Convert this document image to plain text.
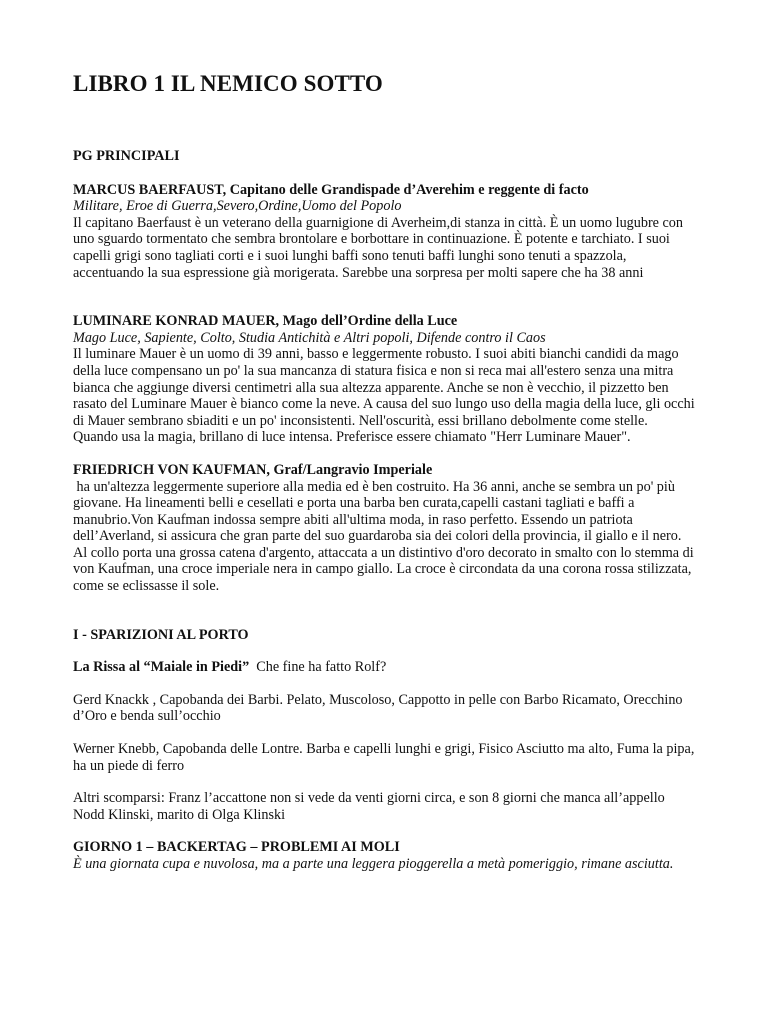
LIBRO 1 IL NEMICO SOTTO

PG PRINCIPALI

MARCUS BAERFAUST, Capitano delle Grandispade d’Averehim e reggente di facto

Militare, Eroe di Guerra,Severo,Ordine,Uomo del Popolo

Il capitano Baerfaust è un veterano della guarnigione di Averheim,di stanza in città. È un uomo lugubre con uno sguardo tormentato che sembra brontolare e borbottare in continuazione. È potente e tarchiato. I suoi capelli grigi sono tagliati corti e i suoi lunghi baffi sono tenuti baffi lunghi sono tenuti a spazzola, accentuando la sua espressione già morigerata. Sarebbe una sorpresa per molti sapere che ha 38 anni

LUMINARE KONRAD MAUER, Mago dell’Ordine della Luce

Mago Luce, Sapiente, Colto, Studia Antichità e Altri popoli, Difende contro il Caos

Il luminare Mauer è un uomo di 39 anni, basso e leggermente robusto. I suoi abiti bianchi candidi da mago della luce compensano un po' la sua mancanza di statura fisica e non si reca mai all'estero senza una mitra bianca che aggiunge diversi centimetri alla sua altezza apparente. Anche se non è vecchio, il pizzetto ben rasato del Luminare Mauer è bianco come la neve. A causa del suo lungo uso della magia della luce, gli occhi di Mauer sembrano sbiaditi e un po' inconsistenti. Nell'oscurità, essi brillano debolmente come stelle. Quando usa la magia, brillano di luce intensa. Preferisce essere chiamato "Herr Luminare Mauer".

FRIEDRICH VON KAUFMAN, Graf/Langravio Imperiale

ha un'altezza leggermente superiore alla media ed è ben costruito. Ha 36 anni, anche se sembra un po' più giovane. Ha lineamenti belli e cesellati e porta una barba ben curata,capelli castani tagliati e baffi a manubrio.Von Kaufman indossa sempre abiti all'ultima moda, in raso perfetto. Essendo un patriota dell’Averland, si assicura che gran parte del suo guardaroba sia dei colori della provincia, il giallo e il nero. Al collo porta una grossa catena d'argento, attaccata a un distintivo d'oro decorato in smalto con lo stemma di von Kaufman, una croce imperiale nera in campo giallo. La croce è circondata da una corona rossa stilizzata, come se eclissasse il sole.

I - SPARIZIONI AL PORTO

La Rissa al “Maiale in Piedi”  Che fine ha fatto Rolf?

Gerd Knackk , Capobanda dei Barbi. Pelato, Muscoloso, Cappotto in pelle con Barbo Ricamato, Orecchino d’Oro e benda sull’occhio

Werner Knebb, Capobanda delle Lontre. Barba e capelli lunghi e grigi, Fisico Asciutto ma alto, Fuma la pipa, ha un piede di ferro

Altri scomparsi: Franz l’accattone non si vede da venti giorni circa, e son 8 giorni che manca all’appello Nodd Klinski, marito di Olga Klinski

GIORNO 1 – BACKERTAG – PROBLEMI AI MOLI

È una giornata cupa e nuvolosa, ma a parte una leggera pioggerella a metà pomeriggio, rimane asciutta.
